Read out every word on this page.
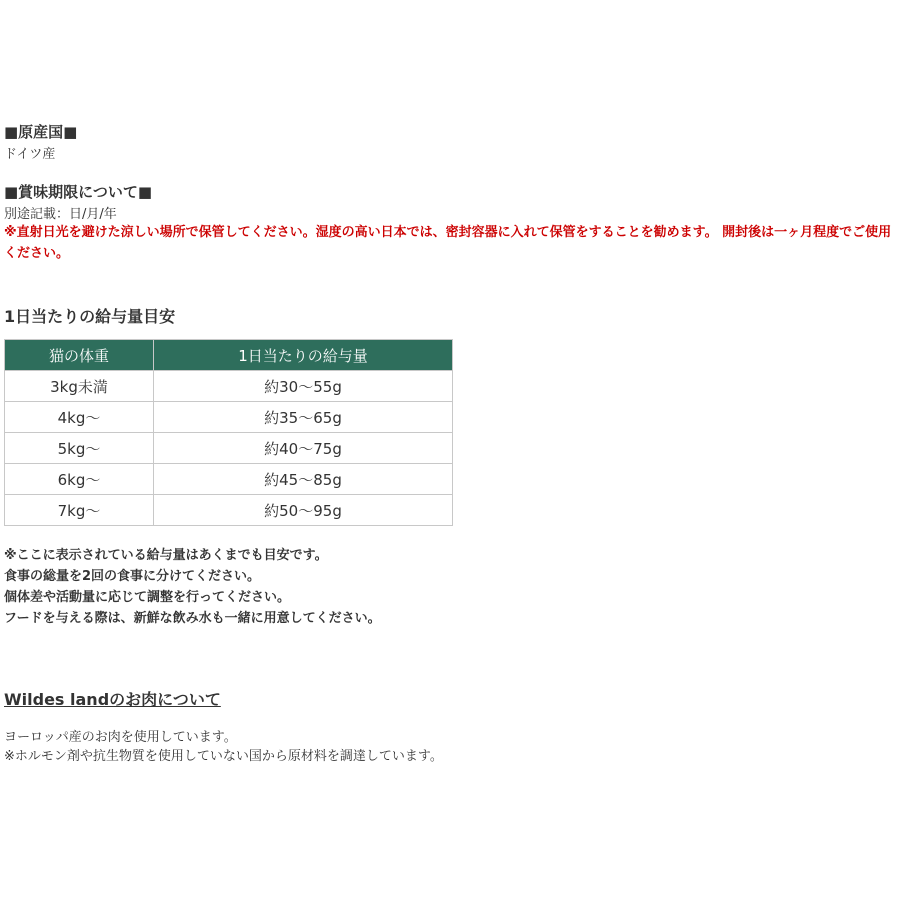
■原産国■
ドイツ産
■賞味期限について■
別途記載：日/月/年
※直射日光を避けた涼しい場所で保管してください。湿度の高い日本では、密封容器に入れて保管をすることを勧めます。 開封後は一ヶ月程度でご使用ください。
1日当たりの給与量目安
猫の体重	1日当たりの給与量
3kg未満	約30～55g
4kg～	約35～65g
5kg～	約40～75g
6kg～	約45～85g
7kg～	約50～95g
※ここに表示されている給与量はあくまでも目安です。
食事の総量を2回の食事に分けてください。
個体差や活動量に応じて調整を行ってください。
フードを与える際は、新鮮な飲み水も一緒に用意してください。
Wildes landのお肉について
ヨーロッパ産のお肉を使用しています。
※ホルモン剤や抗生物質を使用していない国から原材料を調達しています。
